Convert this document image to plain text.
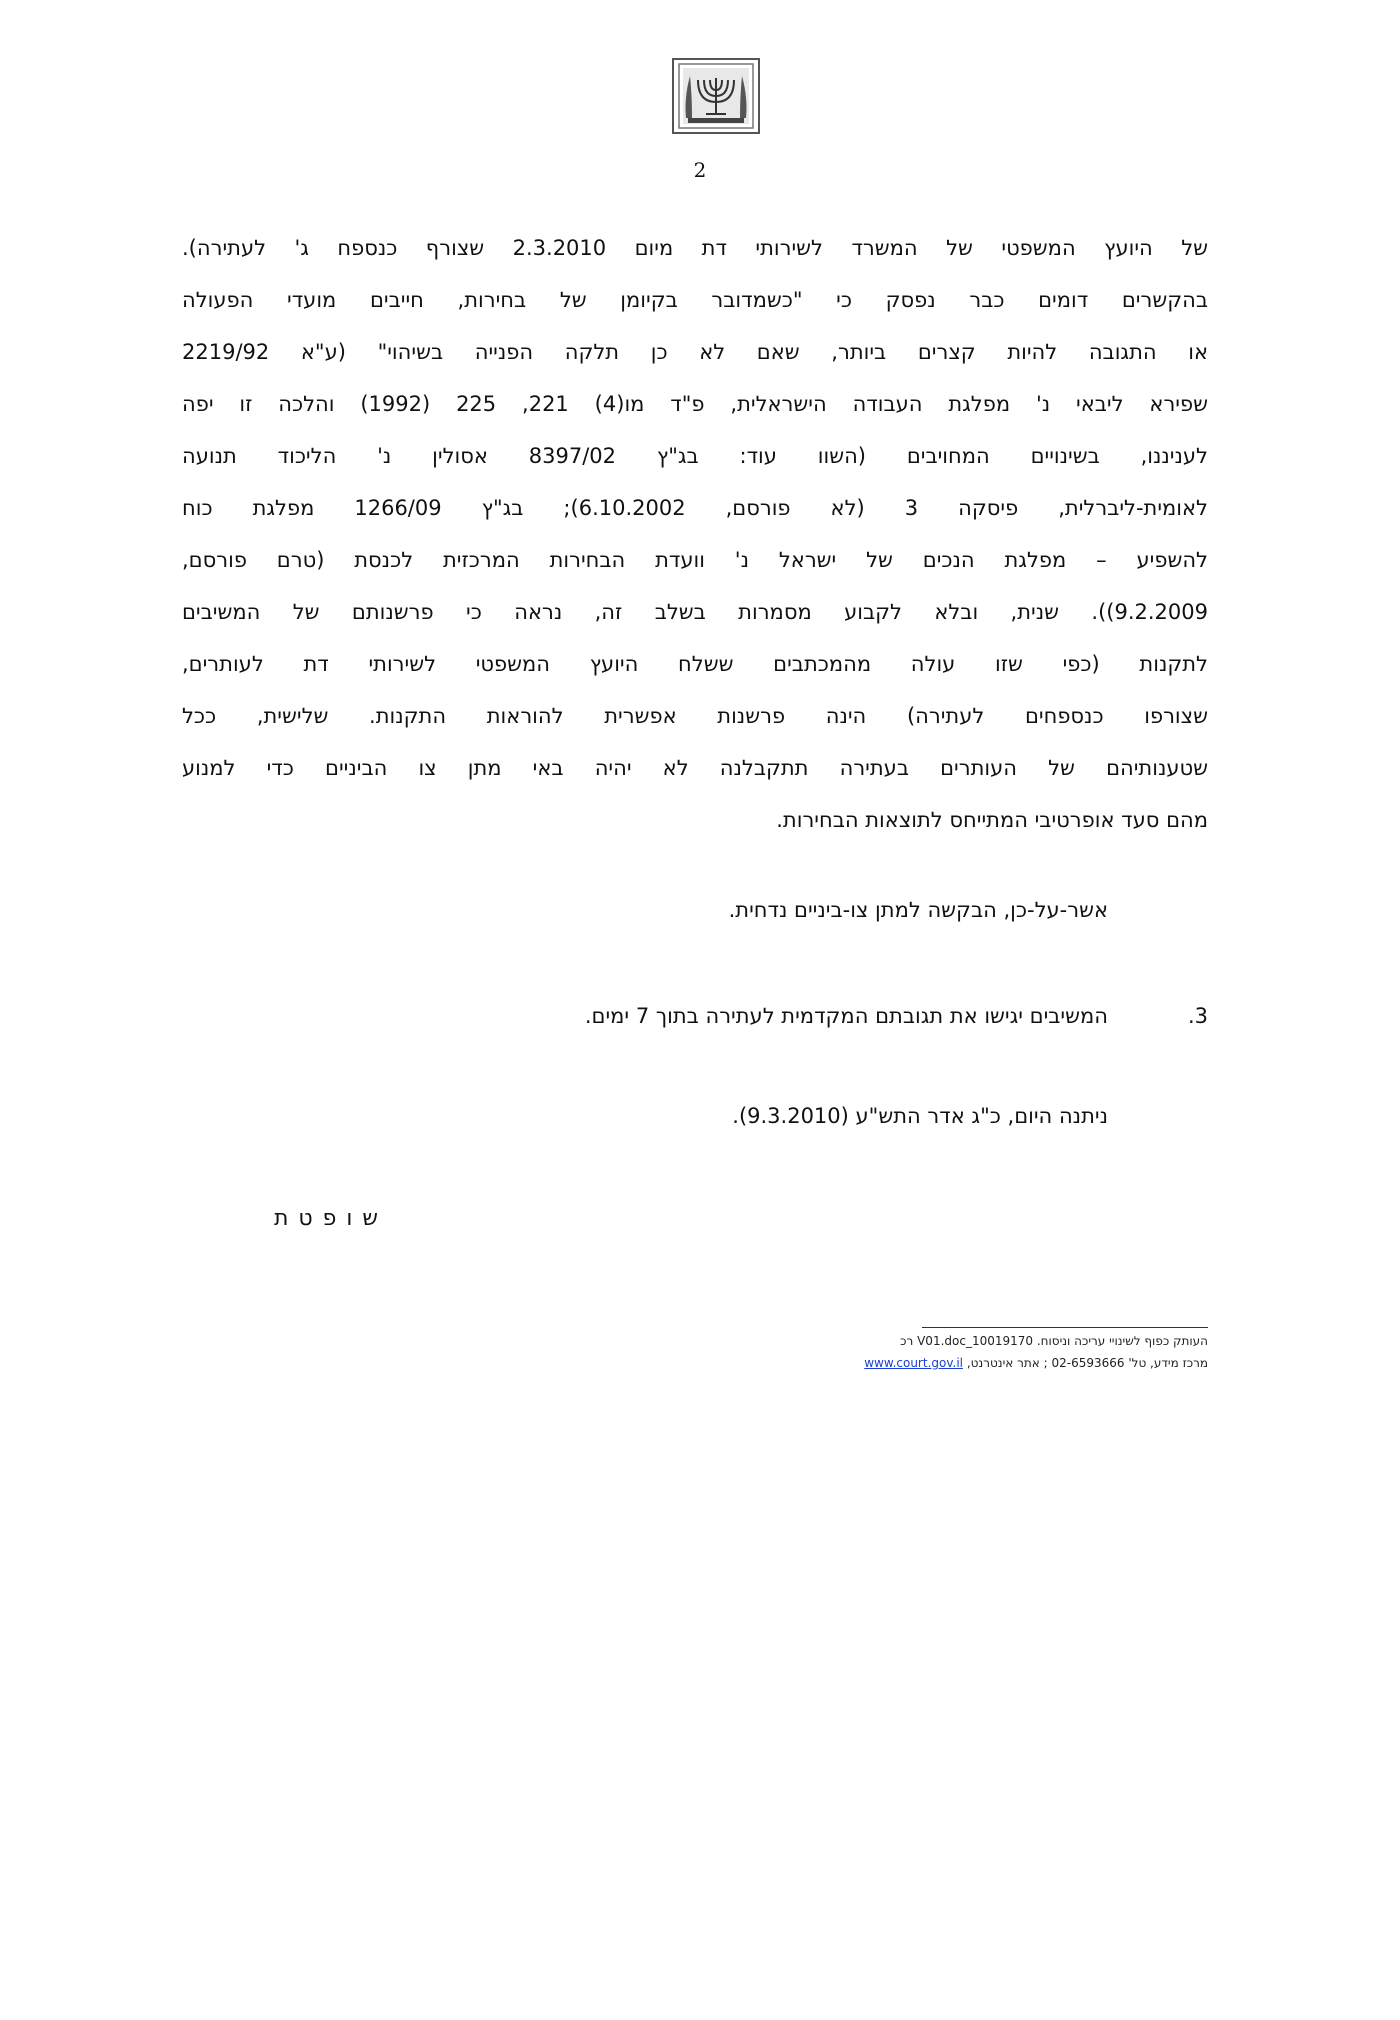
2
של היועץ המשפטי של המשרד לשירותי דת מיום 2.3.2010 שצורף כנספח ג' לעתירה).
בהקשרים דומים כבר נפסק כי "כשמדובר בקיומן של בחירות, חייבים מועדי הפעולה
או התגובה להיות קצרים ביותר, שאם לא כן תלקה הפנייה בשיהוי" (ע"א 2219/92
שפירא ליבאי נ' מפלגת העבודה הישראלית, פ"ד מו(4) 221, 225 (1992) והלכה זו יפה
לעניננו, בשינויים המחויבים (השוו עוד: בג"ץ 8397/02 אסולין נ' הליכוד תנועה
לאומית-ליברלית, פיסקה 3 (לא פורסם, 6.10.2002); בג"ץ 1266/09 מפלגת כוח
להשפיע – מפלגת הנכים של ישראל נ' וועדת הבחירות המרכזית לכנסת (טרם פורסם,
9.2.2009)). שנית, ובלא לקבוע מסמרות בשלב זה, נראה כי פרשנותם של המשיבים
לתקנות (כפי שזו עולה מהמכתבים ששלח היועץ המשפטי לשירותי דת לעותרים,
שצורפו כנספחים לעתירה) הינה פרשנות אפשרית להוראות התקנות. שלישית, ככל
שטענותיהם של העותרים בעתירה תתקבלנה לא יהיה באי מתן צו הביניים כדי למנוע
מהם סעד אופרטיבי המתייחס לתוצאות הבחירות.
אשר-על-כן, הבקשה למתן צו-ביניים נדחית.
3.
המשיבים יגישו את תגובתם המקדמית לעתירה בתוך 7 ימים.
ניתנה היום, כ"ג אדר התש"ע (9.3.2010).
שופטת
העותק כפוף לשינויי עריכה וניסוח. 10019170_V01.doc רכ
מרכז מידע, טל' 02-6593666 ; אתר אינטרנט, www.court.gov.il
